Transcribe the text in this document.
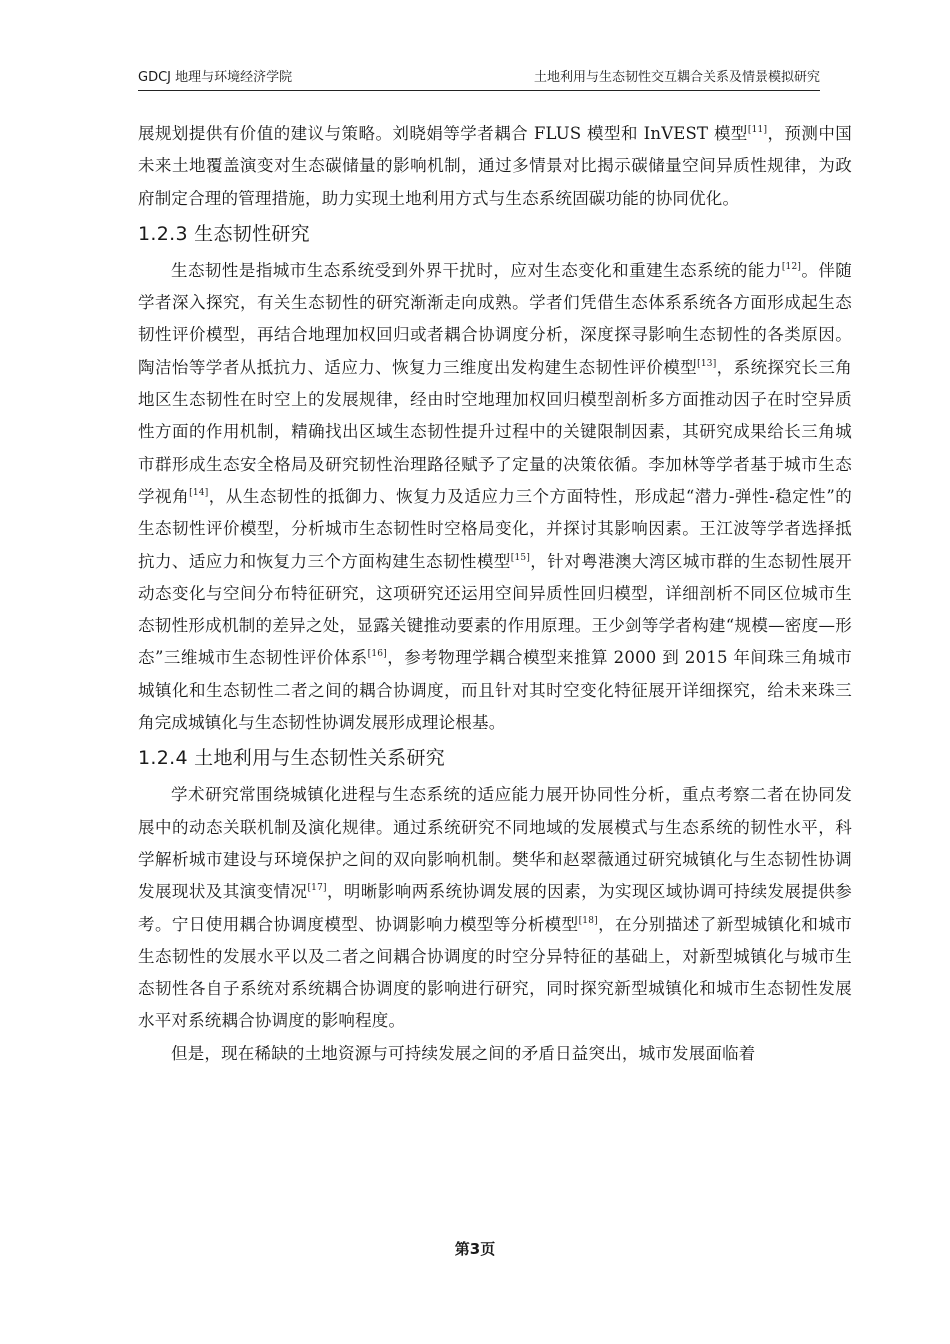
GDCJ 地理与环境经济学院	土地利用与生态韧性交互耦合关系及情景模拟研究

展规划提供有价值的建议与策略。刘晓娟等学者耦合 FLUS 模型和 InVEST 模型[11]，预测中国未来土地覆盖演变对生态碳储量的影响机制，通过多情景对比揭示碳储量空间异质性规律，为政府制定合理的管理措施，助力实现土地利用方式与生态系统固碳功能的协同优化。

1.2.3 生态韧性研究

生态韧性是指城市生态系统受到外界干扰时，应对生态变化和重建生态系统的能力[12]。伴随学者深入探究，有关生态韧性的研究渐渐走向成熟。学者们凭借生态体系系统各方面形成起生态韧性评价模型，再结合地理加权回归或者耦合协调度分析，深度探寻影响生态韧性的各类原因。陶洁怡等学者从抵抗力、适应力、恢复力三维度出发构建生态韧性评价模型[13]，系统探究长三角地区生态韧性在时空上的发展规律，经由时空地理加权回归模型剖析多方面推动因子在时空异质性方面的作用机制，精确找出区域生态韧性提升过程中的关键限制因素，其研究成果给长三角城市群形成生态安全格局及研究韧性治理路径赋予了定量的决策依循。李加林等学者基于城市生态学视角[14]，从生态韧性的抵御力、恢复力及适应力三个方面特性，形成起“潜力-弹性-稳定性”的生态韧性评价模型，分析城市生态韧性时空格局变化，并探讨其影响因素。王江波等学者选择抵抗力、适应力和恢复力三个方面构建生态韧性模型[15]，针对粤港澳大湾区城市群的生态韧性展开动态变化与空间分布特征研究，这项研究还运用空间异质性回归模型，详细剖析不同区位城市生态韧性形成机制的差异之处，显露关键推动要素的作用原理。王少剑等学者构建“规模—密度—形态”三维城市生态韧性评价体系[16]，参考物理学耦合模型来推算 2000 到 2015 年间珠三角城市城镇化和生态韧性二者之间的耦合协调度，而且针对其时空变化特征展开详细探究，给未来珠三角完成城镇化与生态韧性协调发展形成理论根基。

1.2.4 土地利用与生态韧性关系研究

学术研究常围绕城镇化进程与生态系统的适应能力展开协同性分析，重点考察二者在协同发展中的动态关联机制及演化规律。通过系统研究不同地域的发展模式与生态系统的韧性水平，科学解析城市建设与环境保护之间的双向影响机制。樊华和赵翠薇通过研究城镇化与生态韧性协调发展现状及其演变情况[17]，明晰影响两系统协调发展的因素，为实现区域协调可持续发展提供参考。宁日使用耦合协调度模型、协调影响力模型等分析模型[18]，在分别描述了新型城镇化和城市生态韧性的发展水平以及二者之间耦合协调度的时空分异特征的基础上，对新型城镇化与城市生态韧性各自子系统对系统耦合协调度的影响进行研究，同时探究新型城镇化和城市生态韧性发展水平对系统耦合协调度的影响程度。

但是，现在稀缺的土地资源与可持续发展之间的矛盾日益突出，城市发展面临着

第3页
